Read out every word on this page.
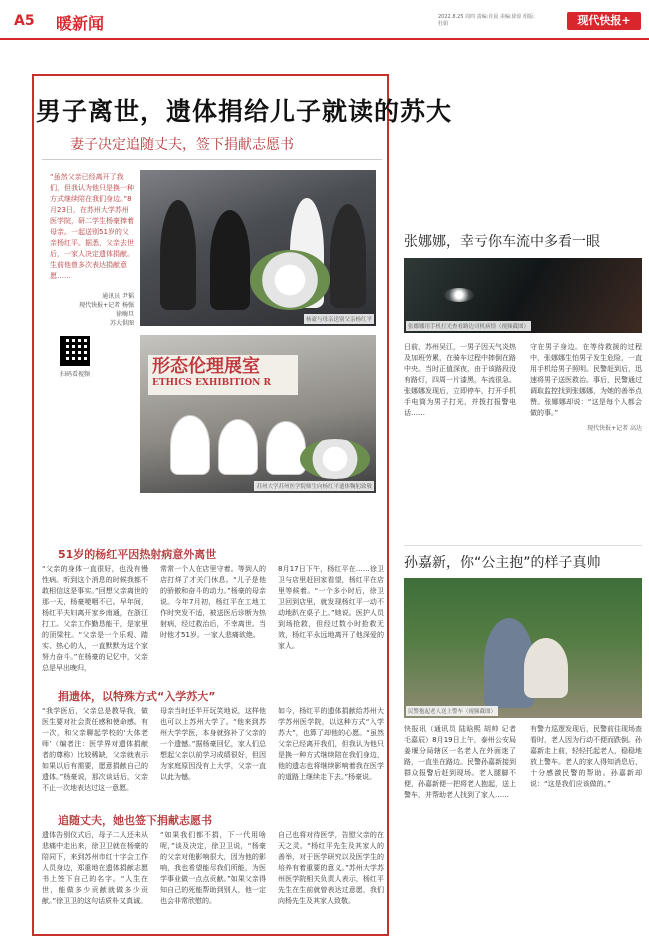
A5 暖新闻	2022.8.25 周四 责编:许晨 美编:徐原 组版:杜娟	现代快报+
男子离世，遗体捐给儿子就读的苏大
妻子决定追随丈夫，签下捐献志愿书
“虽然父亲已经离开了我们，但我认为他只是换一种方式继续陪在我们身边。”8月23日，在苏州大学苏州医学院，研二学生杨豪捧着母亲。一起送别51岁的父亲杨红平。据悉，父亲去世后，一家人决定遗体捐献。生前他曾多次表达捐献意愿……
通讯员 尹韬
现代快报+记者 杨强
徐嗨旦
苏大供图
扫码看视频
杨豪与母亲送别父亲杨红平
形态伦理展室
ETHICS EXHIBITION R
苏州大学苏州医学院师生向杨红平遗体鞠躬致敬
51岁的杨红平因热射病意外离世
“父亲的身体一直很好，也没有慢性病。听到这个消息的时候我都不敢相信这是事实。”回想父亲离世的那一天，杨豪哽咽不已。早年间，杨红平夫妇离开家乡南通，在浙江打工。父亲工作勤恳能干，是家里的顶梁柱。“父亲是一个乐观、踏实、热心的人，一直默默为这个家努力奋斗。”在杨豪的记忆中，父亲总是早出晚归，
常常一个人在店里守着。等到人的店打烊了才关门休息。“儿子是他的骄傲和奋斗的动力。”杨豪的母亲说。今年7月初，杨红平在工地工作时突发不适，被送医后诊断为热射病，经过救治后，不幸离世。当时他才51岁。一家人悲痛欲绝。
8月17日下午，杨红平在……徐卫卫与店里赶回家看望，杨红平在店里等候着。“一个多小时后，徐卫卫回到店里，就发现杨红平一动不动地趴在桌子上。”她说。医护人员到场抢救，但经过数小时抢救无效，杨红平永远地离开了他深爱的家人。
捐遗体，以特殊方式“入学苏大”
“我学医后，父亲总是教导我，做医生要对社会责任感和使命感。有一次，和父亲聊起学校的‘大体老师’（编者注：医学界对遗体捐献者的尊称）比较稀缺，父亲就表示如果以后有需要，愿意捐献自己的遗体。”杨豪说，那次谈话后，父亲不止一次地表达过这一意愿。
母亲当时还半开玩笑地说，这样他也可以上苏州大学了。“他来到苏州大学学医，本身就弥补了父亲的一个遗憾。”据杨豪回忆，家人们总想起父亲以前学习成绩很好，但因为家庭原因没有上大学，父亲一直以此为憾。
如今，杨红平的遗体捐献给苏州大学苏州医学院，以这种方式“入学苏大”，也算了却他的心愿。“虽然父亲已经离开我们，但我认为他只是换一种方式继续陪在我们身边，他的遗志也将继续影响着我在医学的道路上继续走下去。”杨豪说。
追随丈夫，她也签下捐献志愿书
遗体告别仪式后，母子二人还未从悲痛中走出来，徐卫卫就在杨豪的陪同下，来到苏州市红十字会工作人员身边，郑重地在遗体捐献志愿书上签下自己的名字。“人生在世，能做多少贡献就做多少贡献。”徐卫卫的这句话质朴又真诚。
“如果我们都不捐，下一代用啥呢，”谈及决定，徐卫卫说，“杨豪的父亲对他影响很大，因为他的影响，我也希望能尽我们所能，为医学事业做一点点贡献。”如果父亲得知自己的死能帮助到别人，他一定也会非常欣慰的。
自己也将对待医学，告慰父亲的在天之灵。“杨红平先生及其家人的善举，对于医学研究以及医学生的培养有着重要的意义。”苏州大学苏州医学院相关负责人表示，杨红平先生在生前就曾表达过意愿，我们向杨先生及其家人致敬。
张娜娜，幸亏你车流中多看一眼
张娜娜用手机打光查看路边司机病情（视频截图）
日前，苏州吴江，一男子因天气炎热及加班劳累，在骑车过程中摔倒在路中央。当时正值深夜，由于该路段没有路灯，四周一片漆黑，车流很急。张娜娜发现后，立即停车，打开手机手电筒为男子打光，并拨打报警电话……
守在男子身边。在等待救援的过程中，张娜娜生怕男子发生危险，一直用手机给男子照明。民警赶到后，迅速将男子送医救治。事后，民警通过调取监控找到张娜娜，为她的善举点赞。张娜娜却说：“这是每个人都会做的事。”
现代快报+记者 高达
孙嘉新，你“公主抱”的样子真帅
民警抱起老人送上警车（视频截图）
快报讯（通讯员 陆晗熙 胡帅 记者 毛嘉辰）8月19日上午，泰州公安局姜堰分局辖区一名老人在外面迷了路，一直坐在路边。民警孙嘉新接到群众报警后赶到现场。老人腿脚不便，孙嘉新便一把将老人抱起，送上警车，并帮助老人找到了家人……
有警力巡逻发现后，民警前往现场查看时，老人因为行动不便而跌倒。孙嘉新走上前，轻轻托起老人，稳稳地放上警车。老人的家人得知消息后，十分感激民警的帮助。孙嘉新却说：“这是我们应该做的。”
